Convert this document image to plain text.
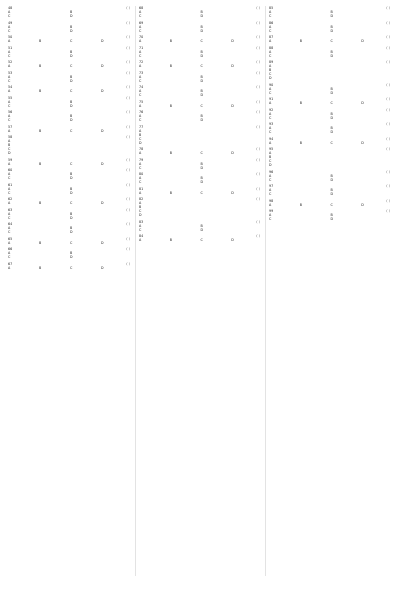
48	（ ）
A	B
C	D
49	（ ）
A	B
C	D
50	（ ）
A	B	C	D
51	（ ）
A	B
C	D
52	（ ）
A	B	C	D
53	（ ）
A	B
C	D
54	（ ）
A	B	C	D
55	（ ）
A	B
C	D
56	（ ）
A	B
C	D
57	（ ）
A	B	C	D
58	（ ）
A
B
C
D
59	（ ）
A	B	C	D
60	（ ）
A	B
C	D
61	（ ）
A	B
C	D
62	（ ）
A	B	C	D
63	（ ）
A	B
C	D
64	（ ）
A	B
C	D
65	（ ）
A	B	C	D
66	（ ）
A	B
C	D
67	（ ）
A	B	C	D
68	（ ）
A	B
C	D
69	（ ）
A	B
C	D
70	（ ）
A	B	C	D
71	（ ）
A	B
C	D
72	（ ）
A	B	C	D
73	（ ）
A	B
C	D
74	（ ）
A	B
C	D
75	（ ）
A	B	C	D
76	（ ）
A	B
C	D
77	（ ）
A
B
C
D
78	（ ）
A	B	C	D
79	（ ）
A	B
C	D
80	（ ）
A	B
C	D
81	（ ）
A	B	C	D
82	（ ）
A
B
C
D
83	（ ）
A	B
C	D
84	（ ）
A	B	C	D
85	（ ）
A	B
C	D
86	（ ）
A	B
C	D
87	（ ）
A	B	C	D
88	（ ）
A	B
C	D
89	（ ）
A
B
C
D
90	（ ）
A	B
C	D
91	（ ）
A	B	C	D
92	（ ）
A	B
C	D
93	（ ）
A	B
C	D
94	（ ）
A	B	C	D
95	（ ）
A
B
C
D
96	（ ）
A	B
C	D
97	（ ）
A	B
C	D
98	（ ）
A	B	C	D
99	（ ）
A	B
C	D
